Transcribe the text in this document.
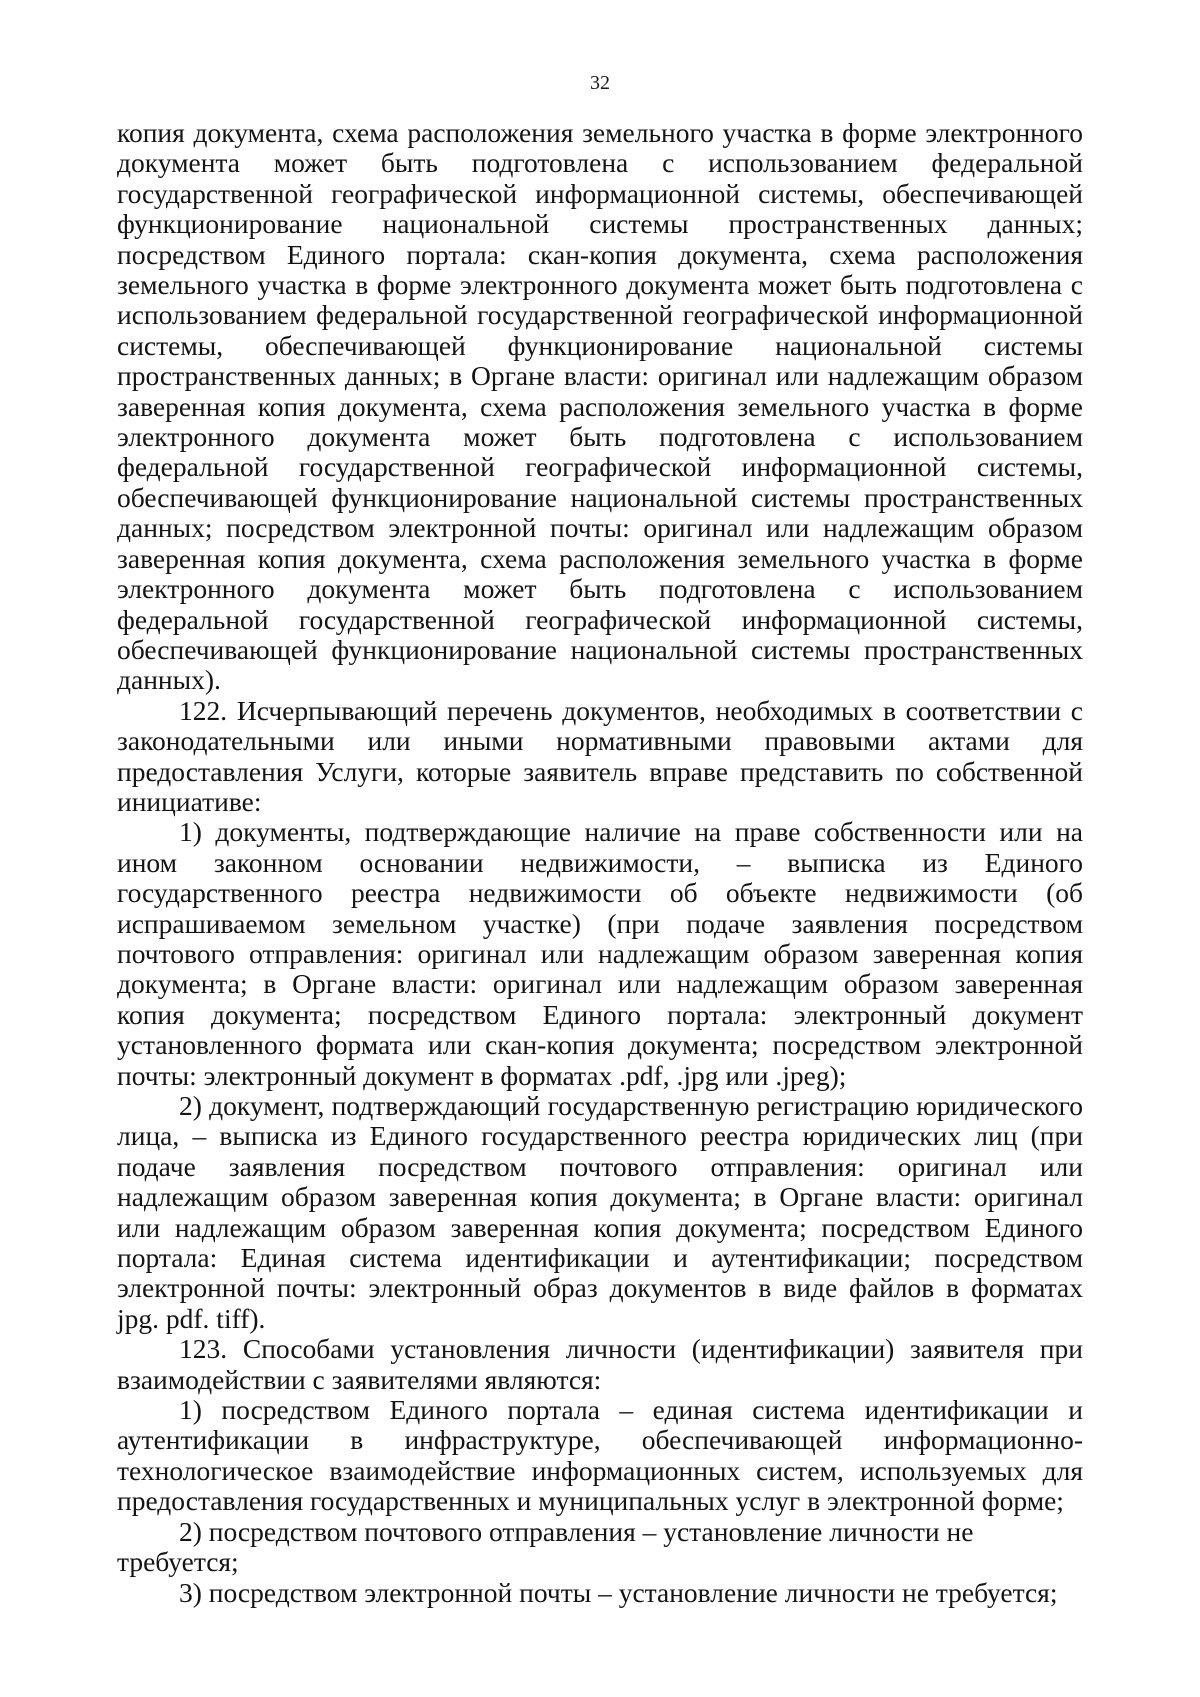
32

копия документа, схема расположения земельного участка в форме электронного документа может быть подготовлена с использованием федеральной государственной географической информационной системы, обеспечивающей функционирование национальной системы пространственных данных; посредством Единого портала: скан-копия документа, схема расположения земельного участка в форме электронного документа может быть подготовлена с использованием федеральной государственной географической информационной системы, обеспечивающей функционирование национальной системы пространственных данных; в Органе власти: оригинал или надлежащим образом заверенная копия документа, схема расположения земельного участка в форме электронного документа может быть подготовлена с использованием федеральной государственной географической информационной системы, обеспечивающей функционирование национальной системы пространственных данных; посредством электронной почты: оригинал или надлежащим образом заверенная копия документа, схема расположения земельного участка в форме электронного документа может быть подготовлена с использованием федеральной государственной географической информационной системы, обеспечивающей функционирование национальной системы пространственных данных).

122. Исчерпывающий перечень документов, необходимых в соответствии с законодательными или иными нормативными правовыми актами для предоставления Услуги, которые заявитель вправе представить по собственной инициативе:

1) документы, подтверждающие наличие на праве собственности или на ином законном основании недвижимости, – выписка из Единого государственного реестра недвижимости об объекте недвижимости (об испрашиваемом земельном участке) (при подаче заявления посредством почтового отправления: оригинал или надлежащим образом заверенная копия документа; в Органе власти: оригинал или надлежащим образом заверенная копия документа; посредством Единого портала: электронный документ установленного формата или скан-копия документа; посредством электронной почты: электронный документ в форматах .pdf, .jpg или .jpeg);

2) документ, подтверждающий государственную регистрацию юридического лица, – выписка из Единого государственного реестра юридических лиц (при подаче заявления посредством почтового отправления: оригинал или надлежащим образом заверенная копия документа; в Органе власти: оригинал или надлежащим образом заверенная копия документа; посредством Единого портала: Единая система идентификации и аутентификации; посредством электронной почты: электронный образ документов в виде файлов в форматах jpg. pdf. tiff).

123. Способами установления личности (идентификации) заявителя при взаимодействии с заявителями являются:

1) посредством Единого портала – единая система идентификации и аутентификации в инфраструктуре, обеспечивающей информационно-технологическое взаимодействие информационных систем, используемых для предоставления государственных и муниципальных услуг в электронной форме;

2) посредством почтового отправления – установление личности не требуется;

3) посредством электронной почты – установление личности не требуется;
